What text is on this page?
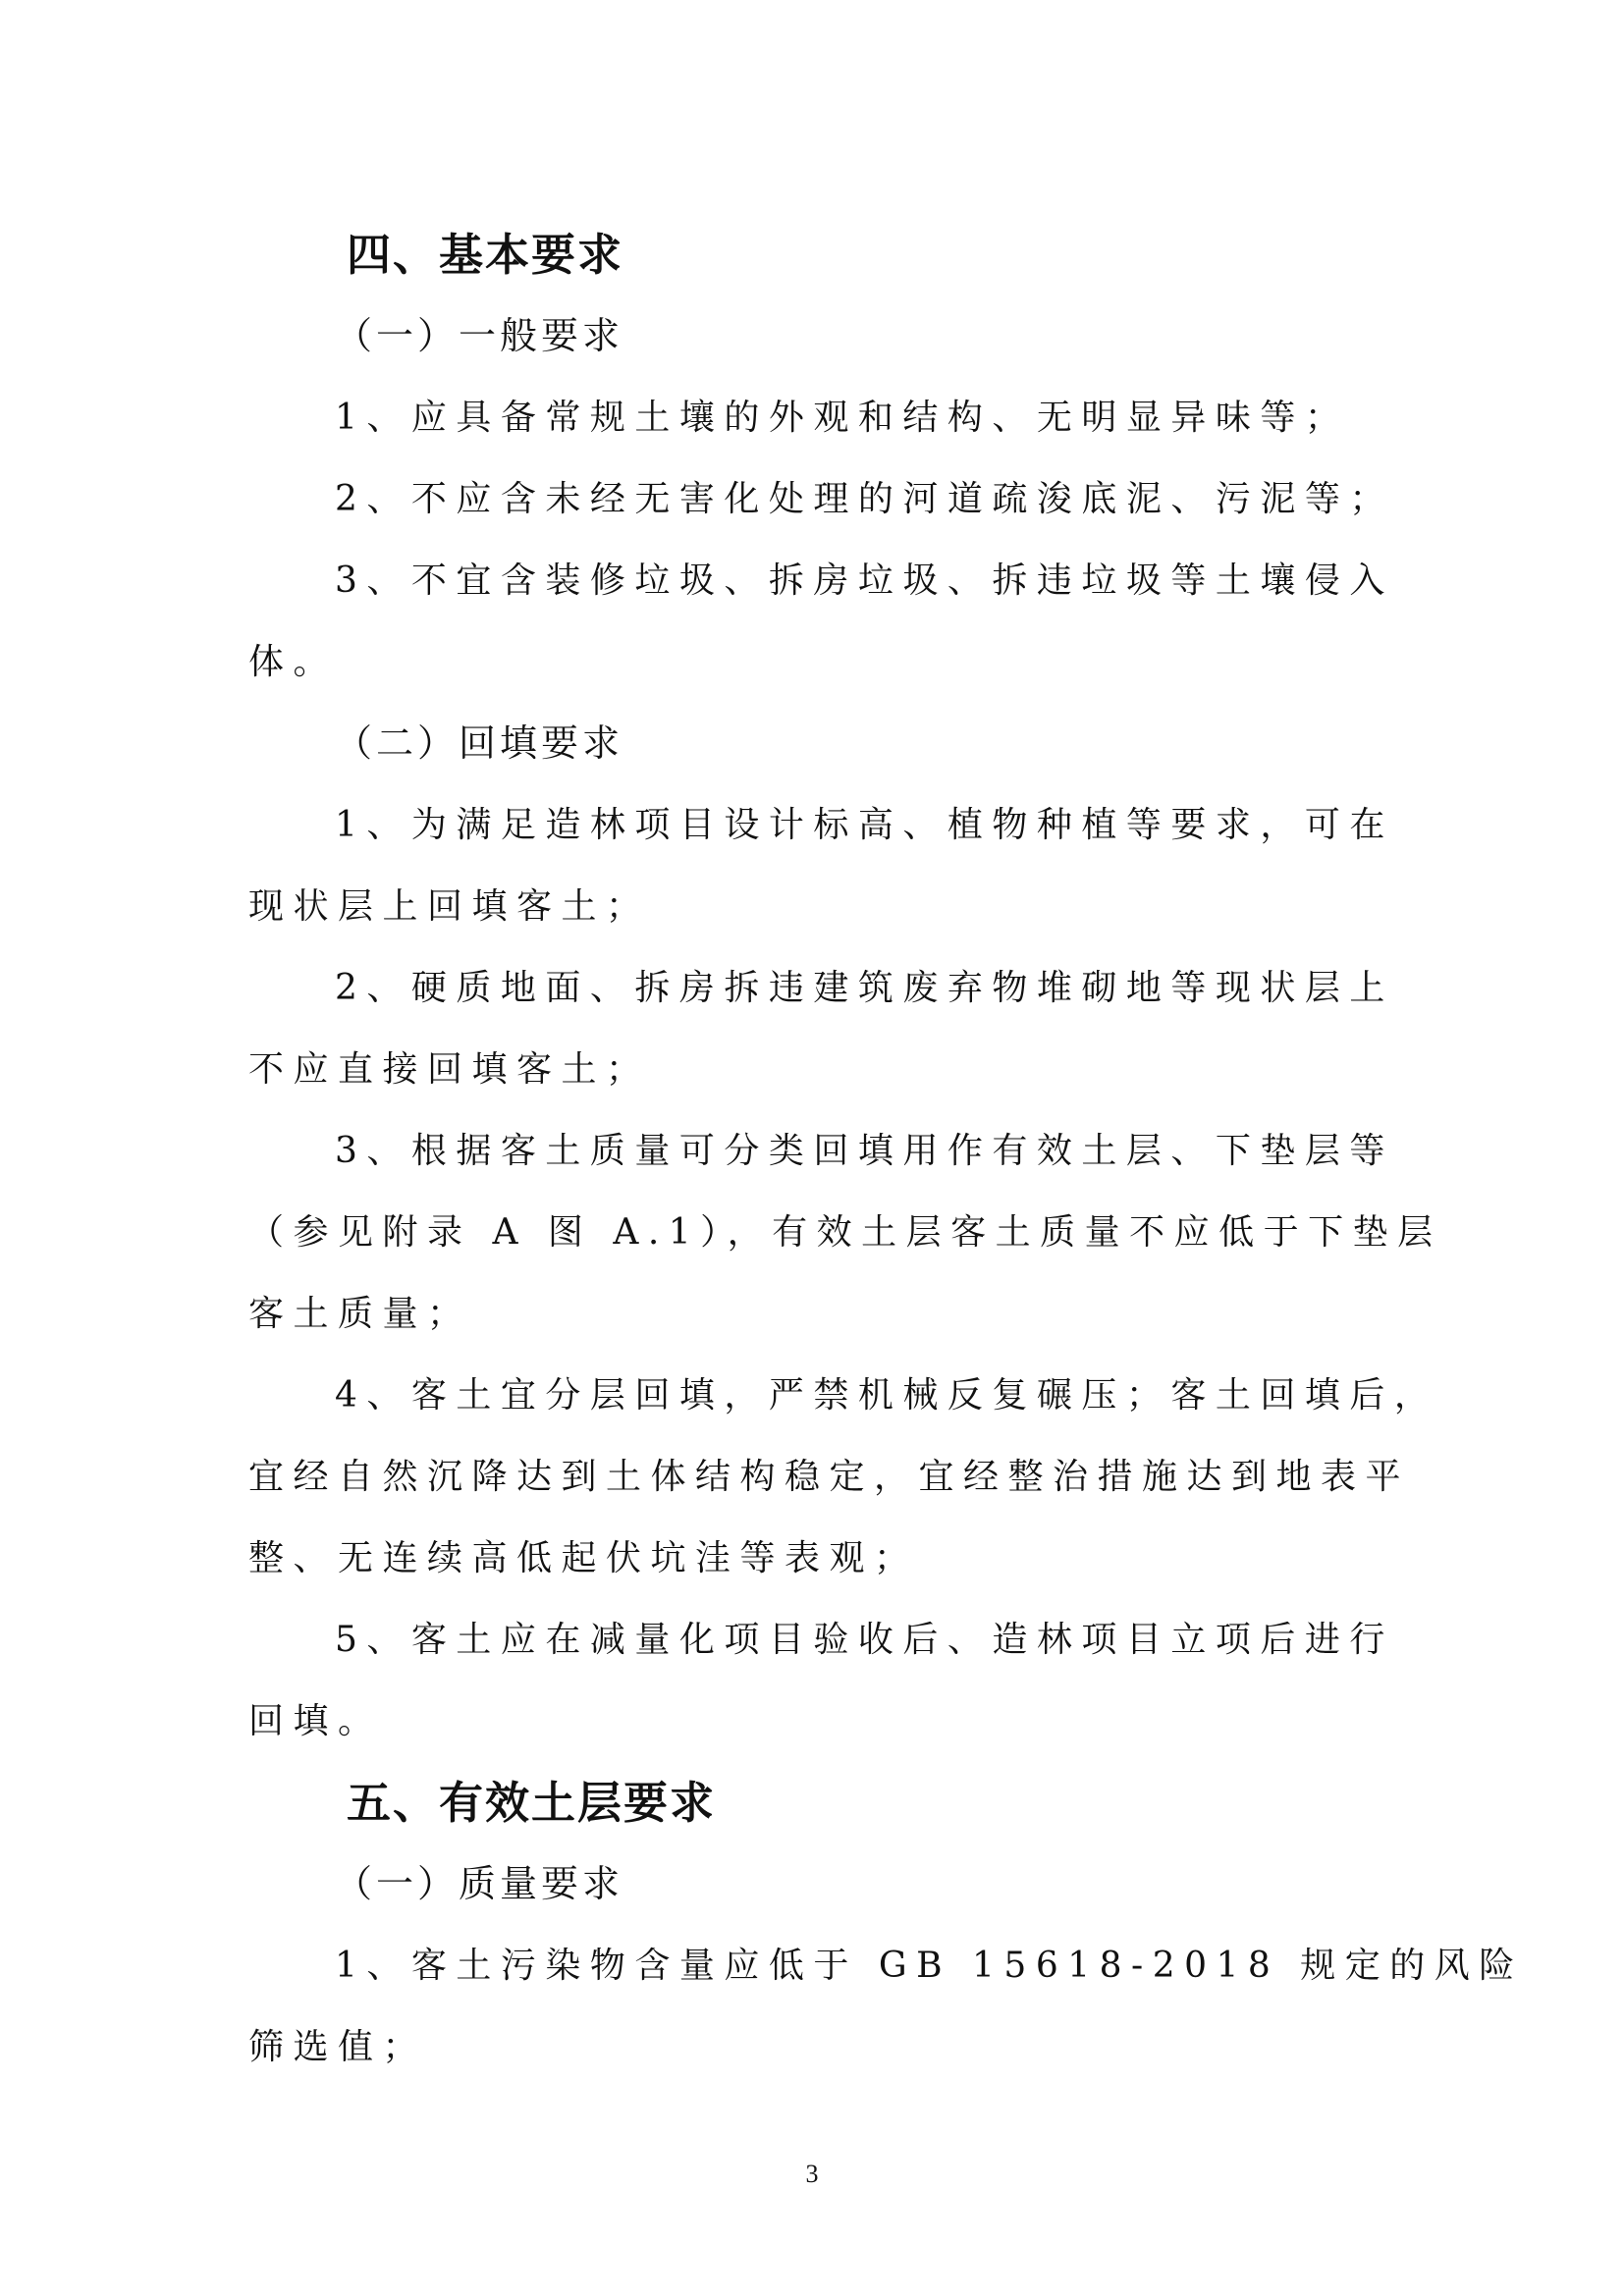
四、基本要求
（一）一般要求
1、应具备常规土壤的外观和结构、无明显异味等；
2、不应含未经无害化处理的河道疏浚底泥、污泥等；
3、不宜含装修垃圾、拆房垃圾、拆违垃圾等土壤侵入
体。
（二）回填要求
1、为满足造林项目设计标高、植物种植等要求，可在
现状层上回填客土；
2、硬质地面、拆房拆违建筑废弃物堆砌地等现状层上
不应直接回填客土；
3、根据客土质量可分类回填用作有效土层、下垫层等
（参见附录 A 图 A.1），有效土层客土质量不应低于下垫层
客土质量；
4、客土宜分层回填，严禁机械反复碾压；客土回填后，
宜经自然沉降达到土体结构稳定，宜经整治措施达到地表平
整、无连续高低起伏坑洼等表观；
5、客土应在减量化项目验收后、造林项目立项后进行
回填。
五、有效土层要求
（一）质量要求
1、客土污染物含量应低于 GB 15618-2018 规定的风险
筛选值；
3
